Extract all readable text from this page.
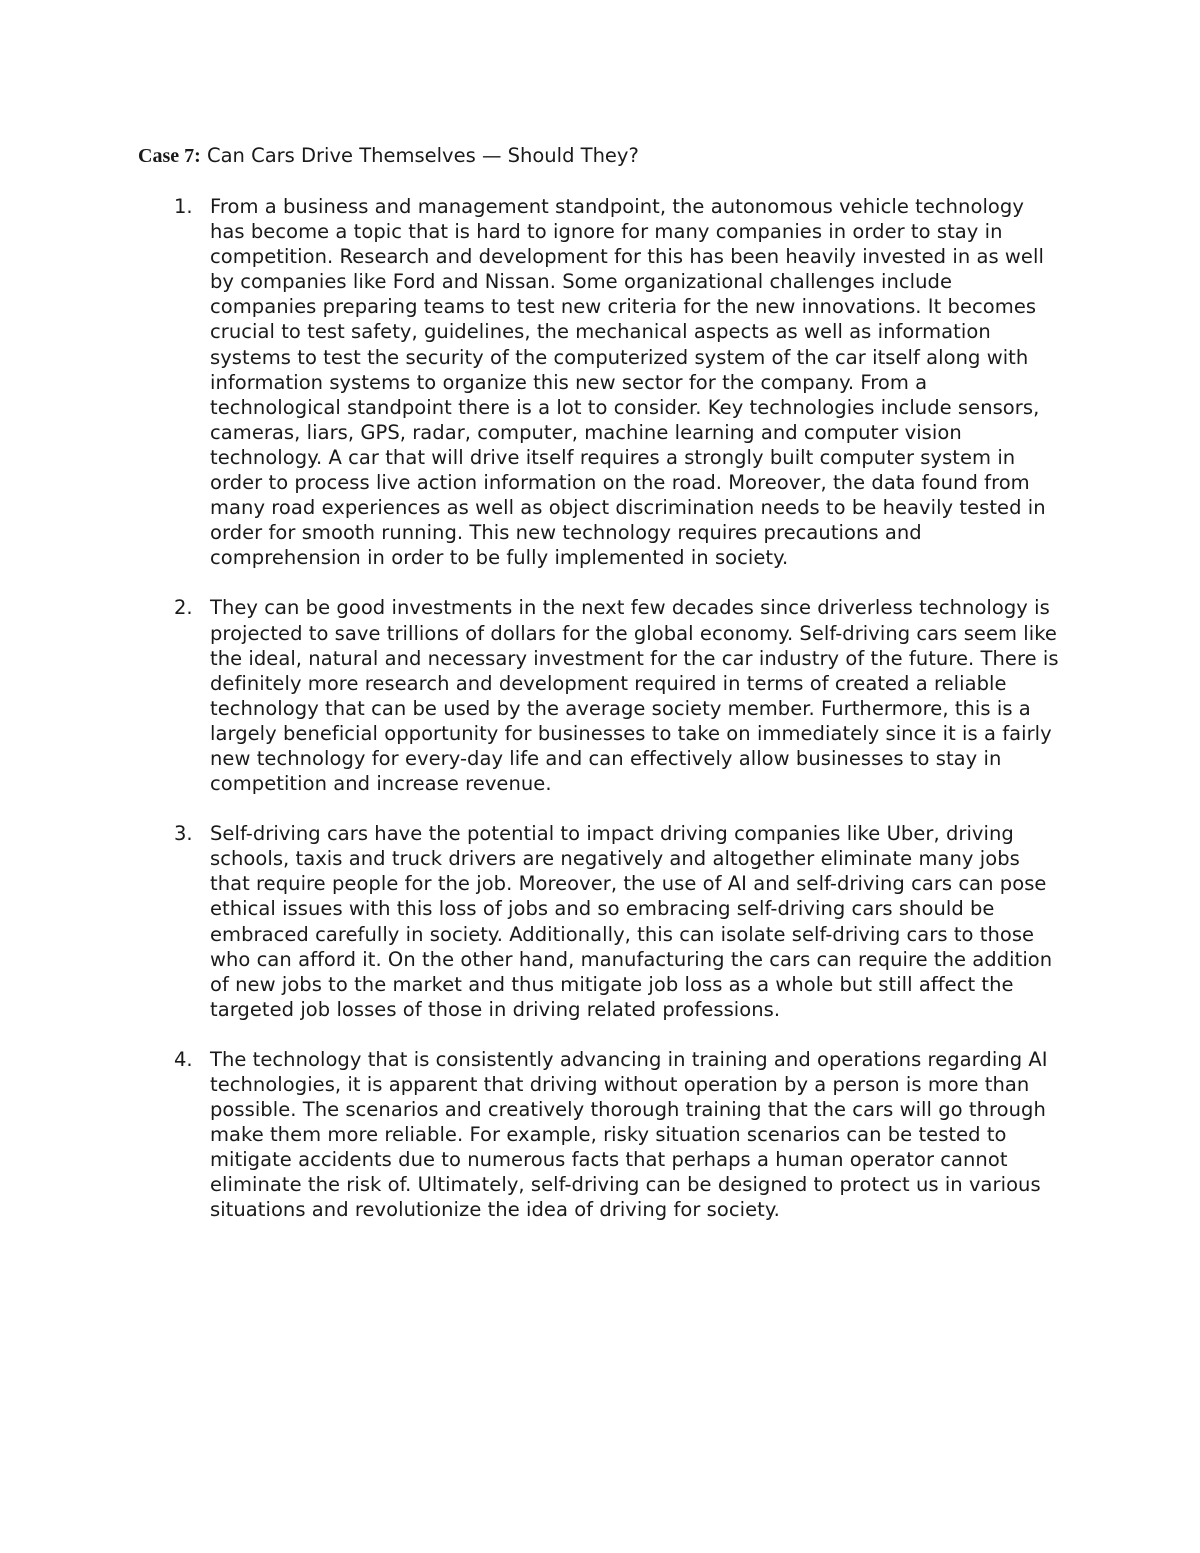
Case 7: Can Cars Drive Themselves — Should They?
1. From a business and management standpoint, the autonomous vehicle technology has become a topic that is hard to ignore for many companies in order to stay in competition. Research and development for this has been heavily invested in as well by companies like Ford and Nissan. Some organizational challenges include companies preparing teams to test new criteria for the new innovations. It becomes crucial to test safety, guidelines, the mechanical aspects as well as information systems to test the security of the computerized system of the car itself along with information systems to organize this new sector for the company. From a technological standpoint there is a lot to consider. Key technologies include sensors, cameras, liars, GPS, radar, computer, machine learning and computer vision technology. A car that will drive itself requires a strongly built computer system in order to process live action information on the road. Moreover, the data found from many road experiences as well as object discrimination needs to be heavily tested in order for smooth running. This new technology requires precautions and comprehension in order to be fully implemented in society.
2. They can be good investments in the next few decades since driverless technology is projected to save trillions of dollars for the global economy. Self-driving cars seem like the ideal, natural and necessary investment for the car industry of the future. There is definitely more research and development required in terms of created a reliable technology that can be used by the average society member. Furthermore, this is a largely beneficial opportunity for businesses to take on immediately since it is a fairly new technology for every-day life and can effectively allow businesses to stay in competition and increase revenue.
3. Self-driving cars have the potential to impact driving companies like Uber, driving schools, taxis and truck drivers are negatively and altogether eliminate many jobs that require people for the job. Moreover, the use of AI and self-driving cars can pose ethical issues with this loss of jobs and so embracing self-driving cars should be embraced carefully in society. Additionally, this can isolate self-driving cars to those who can afford it. On the other hand, manufacturing the cars can require the addition of new jobs to the market and thus mitigate job loss as a whole but still affect the targeted job losses of those in driving related professions.
4. The technology that is consistently advancing in training and operations regarding AI technologies, it is apparent that driving without operation by a person is more than possible. The scenarios and creatively thorough training that the cars will go through make them more reliable. For example, risky situation scenarios can be tested to mitigate accidents due to numerous facts that perhaps a human operator cannot eliminate the risk of. Ultimately, self-driving can be designed to protect us in various situations and revolutionize the idea of driving for society.
